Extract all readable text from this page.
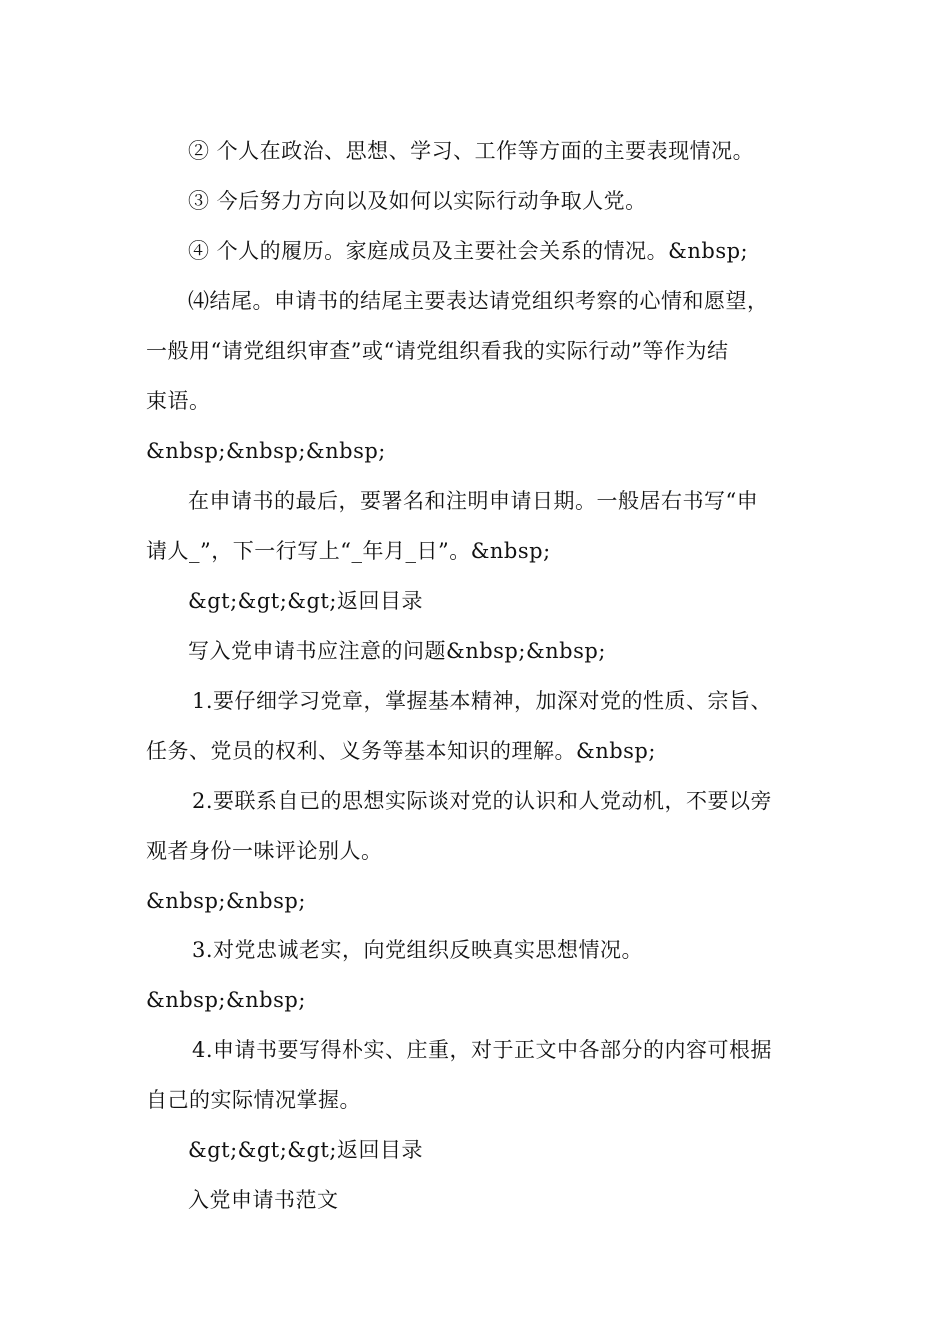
② 个人在政治、思想、学习、工作等方面的主要表现情况。
③ 今后努力方向以及如何以实际行动争取人党。
④ 个人的履历。家庭成员及主要社会关系的情况。&nbsp;
⑷结尾。申请书的结尾主要表达请党组织考察的心情和愿望，
一般用“请党组织审查”或“请党组织看我的实际行动”等作为结
束语。
&nbsp;&nbsp;&nbsp;
在申请书的最后，要署名和注明申请日期。一般居右书写“申
请人_”，下一行写上“_年月_日”。&nbsp;
&gt;&gt;&gt;返回目录
写入党申请书应注意的问题&nbsp;&nbsp;
1.要仔细学习党章，掌握基本精神，加深对党的性质、宗旨、
任务、党员的权利、义务等基本知识的理解。&nbsp;
2.要联系自已的思想实际谈对党的认识和人党动机，不要以旁
观者身份一味评论别人。
&nbsp;&nbsp;
3.对党忠诚老实，向党组织反映真实思想情况。
&nbsp;&nbsp;
4.申请书要写得朴实、庄重，对于正文中各部分的内容可根据
自己的实际情况掌握。
&gt;&gt;&gt;返回目录
入党申请书范文
